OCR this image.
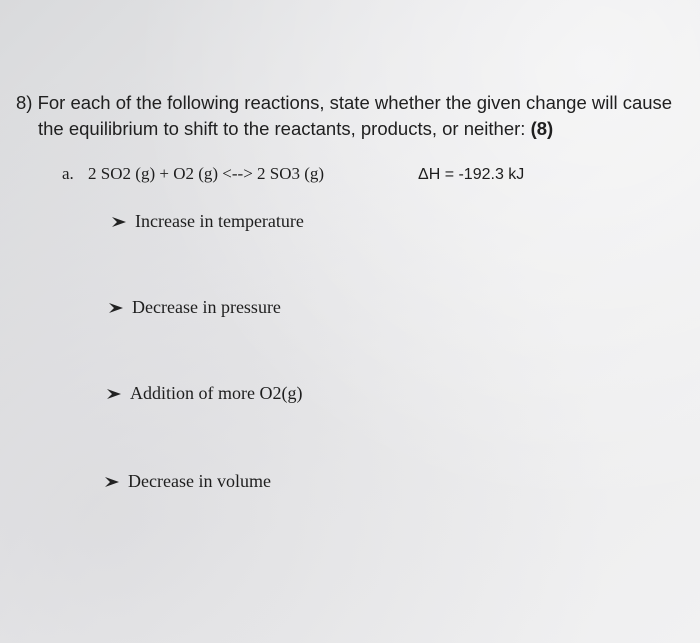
8) For each of the following reactions, state whether the given change will cause
the equilibrium to shift to the reactants, products, or neither: (8)
a. 2 SO2 (g) + O2 (g) <--> 2 SO3 (g)	ΔH = -192.3 kJ
Increase in temperature
Decrease in pressure
Addition of more O2(g)
Decrease in volume
